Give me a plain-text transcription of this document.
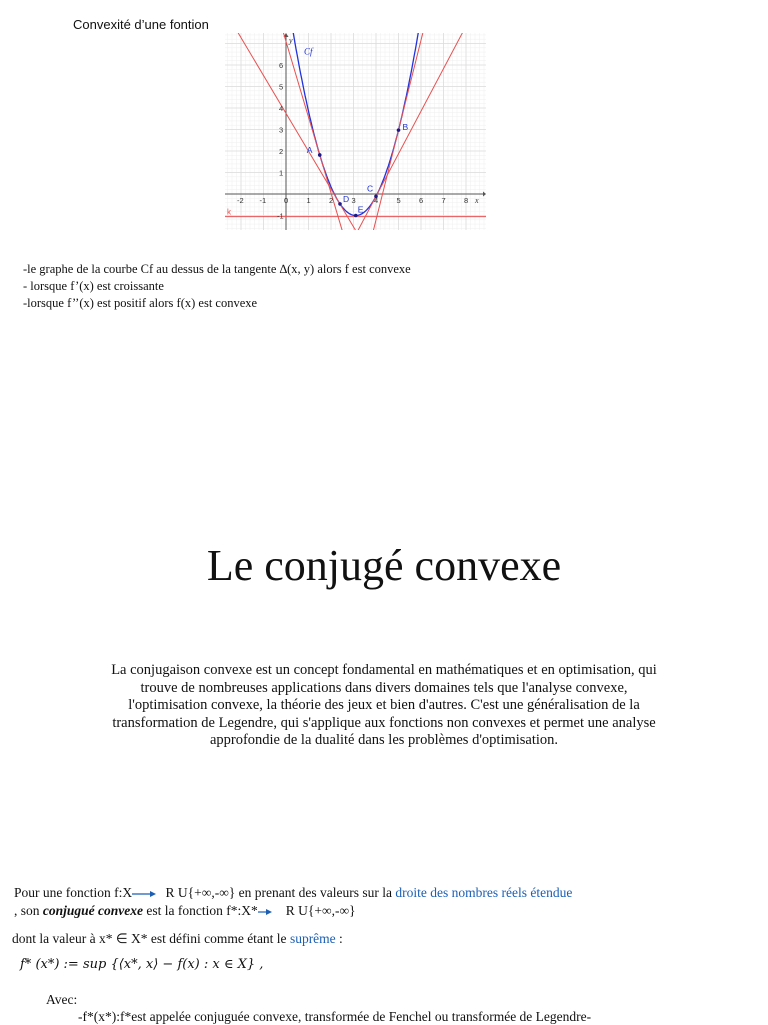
Convexité d’une fontion
-2 -1 0 1 2 3 4 5 6 7 8
6
5
4
3
2
1
-1
x
y
k
A
B
D
C
E
Cf
-le graphe de la courbe Cf au dessus de la tangente ∆(x, y) alors f est convexe
- lorsque f’(x) est croissante
-lorsque f’’(x) est positif alors f(x) est convexe
Le conjugé convexe
La conjugaison convexe est un concept fondamental en mathématiques et en optimisation, qui trouve de nombreuses applications dans divers domaines tels que l'analyse convexe, l'optimisation convexe, la théorie des jeux et bien d'autres. C'est une généralisation de la transformation de Legendre, qui s'applique aux fonctions non convexes et permet une analyse approfondie de la dualité dans les problèmes d'optimisation.
Pour une fonction f:X R U{+∞,-∞} en prenant des valeurs sur la droite des nombres réels étendue
, son conjugué convexe est la fonction f*:X* R U{+∞,-∞}
dont la valeur à x* ∈ X* est défini comme étant le suprême :
f* (x*) := sup {⟨x*, x⟩ − f(x) : x ∈ X} ,
Avec:
-f*(x*):f*est appelée conjuguée convexe, transformée de Fenchel ou transformée de Legendre-
